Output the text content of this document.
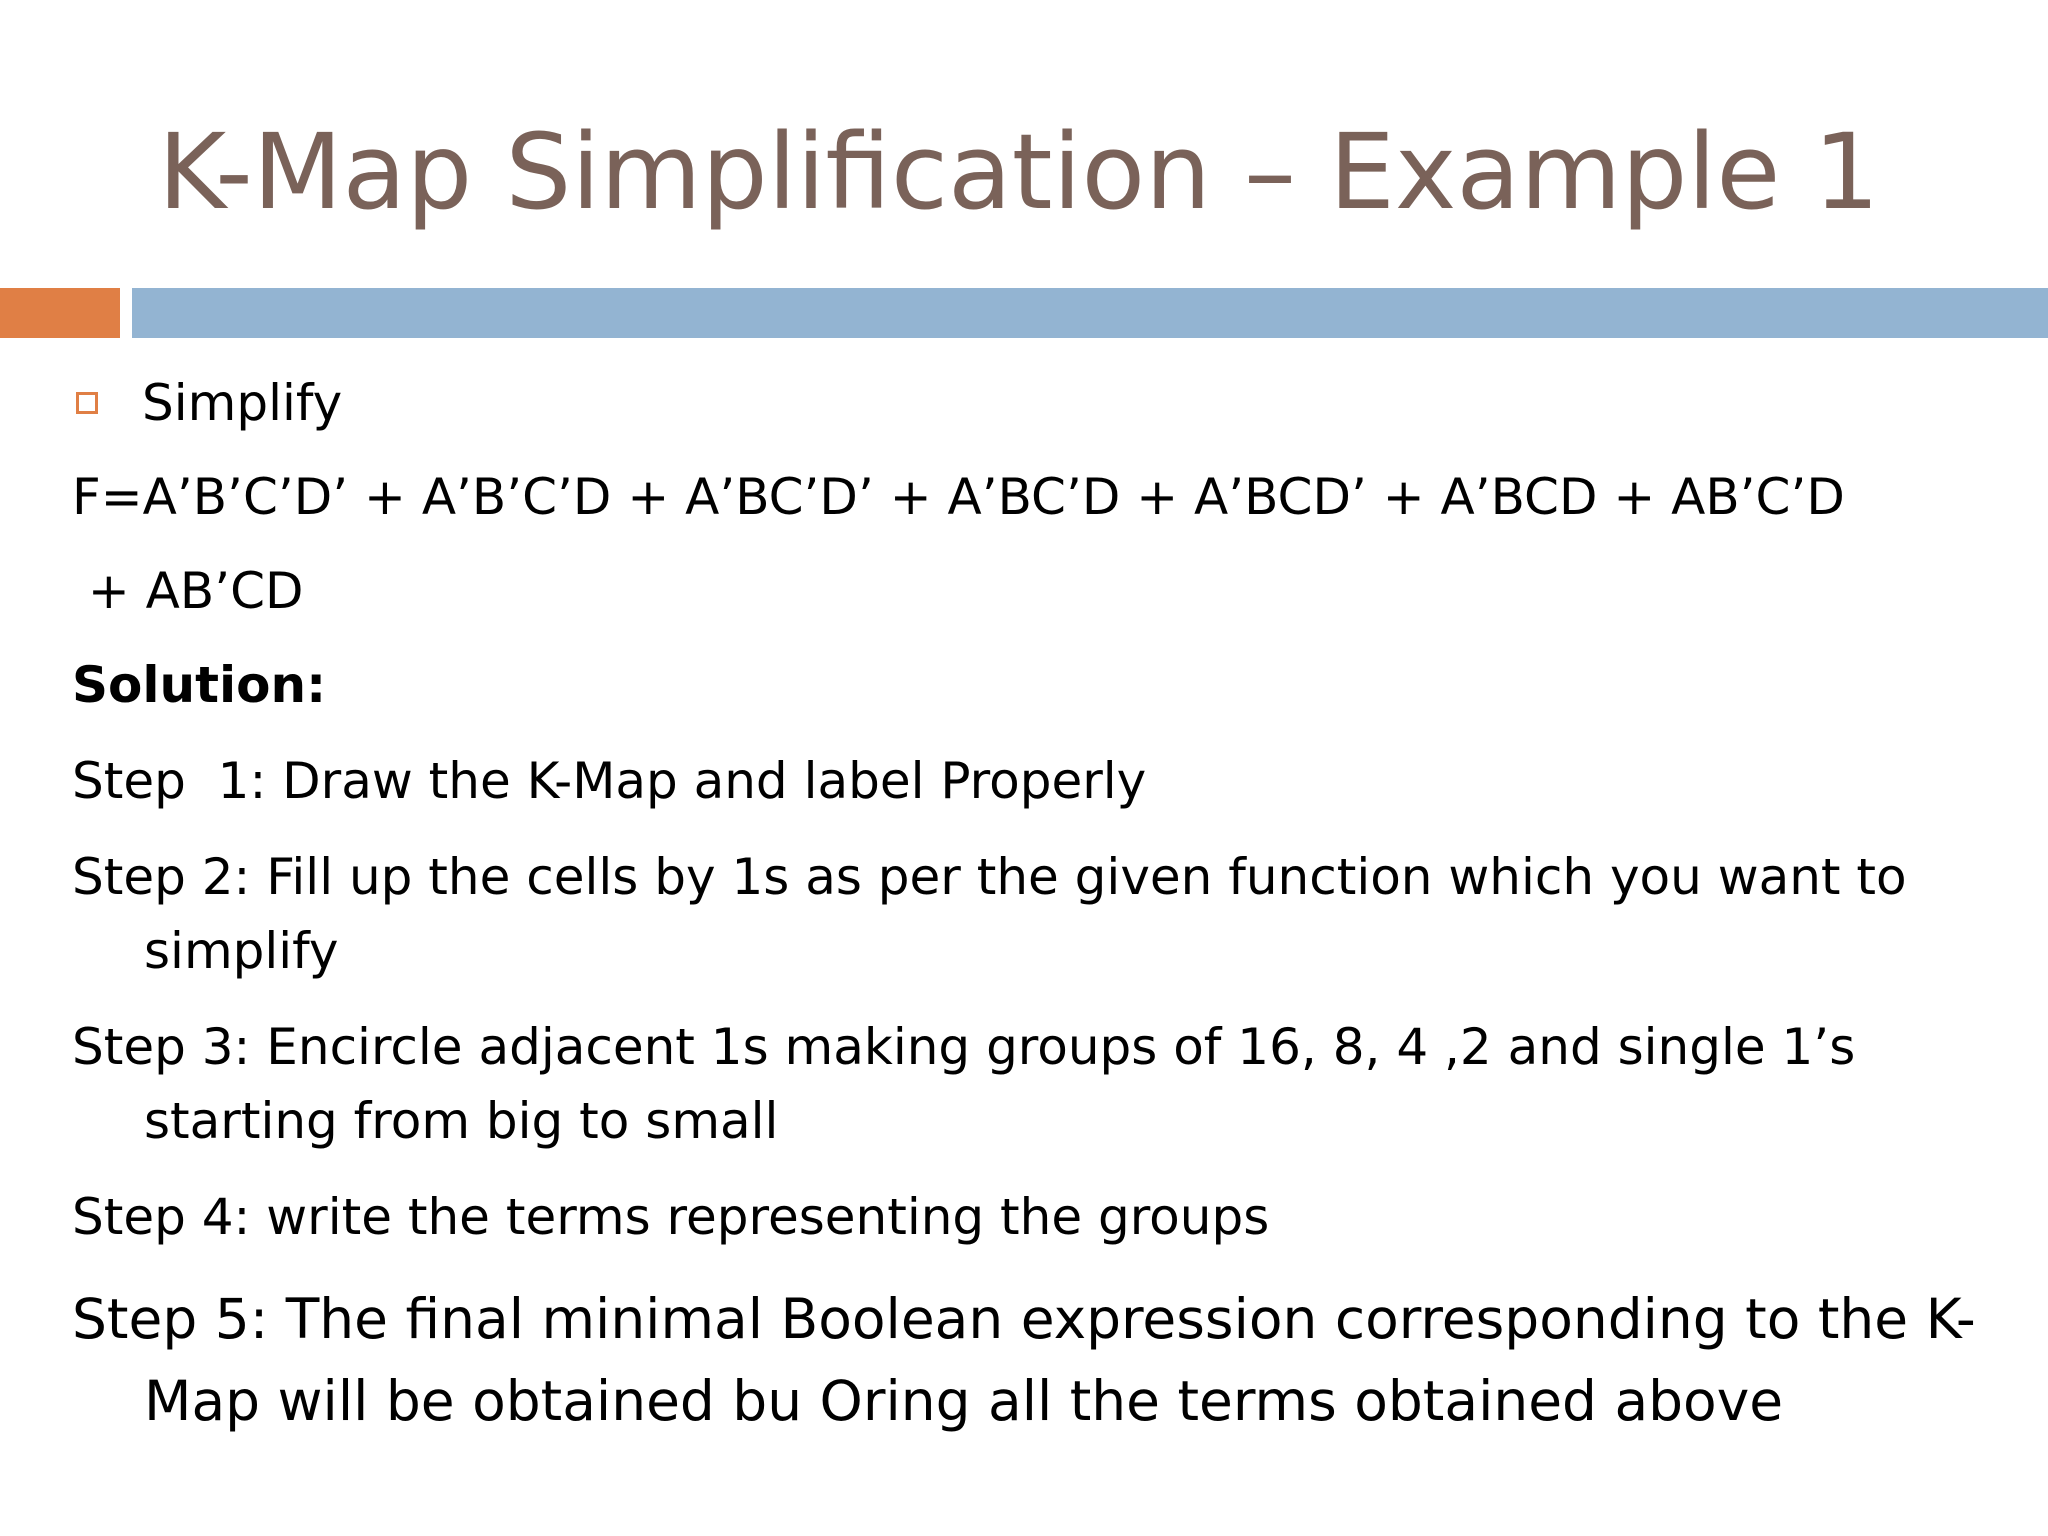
K-Map Simplification – Example 1
Simplify
F=A’B’C’D’ + A’B’C’D + A’BC’D’ + A’BC’D + A’BCD’ + A’BCD + AB’C’D
+ AB’CD
Solution:
Step  1: Draw the K-Map and label Properly
Step 2: Fill up the cells by 1s as per the given function which you want to
simplify
Step 3: Encircle adjacent 1s making groups of 16, 8, 4 ,2 and single 1’s
starting from big to small
Step 4: write the terms representing the groups
Step 5: The final minimal Boolean expression corresponding to the K-
Map will be obtained bu Oring all the terms obtained above
